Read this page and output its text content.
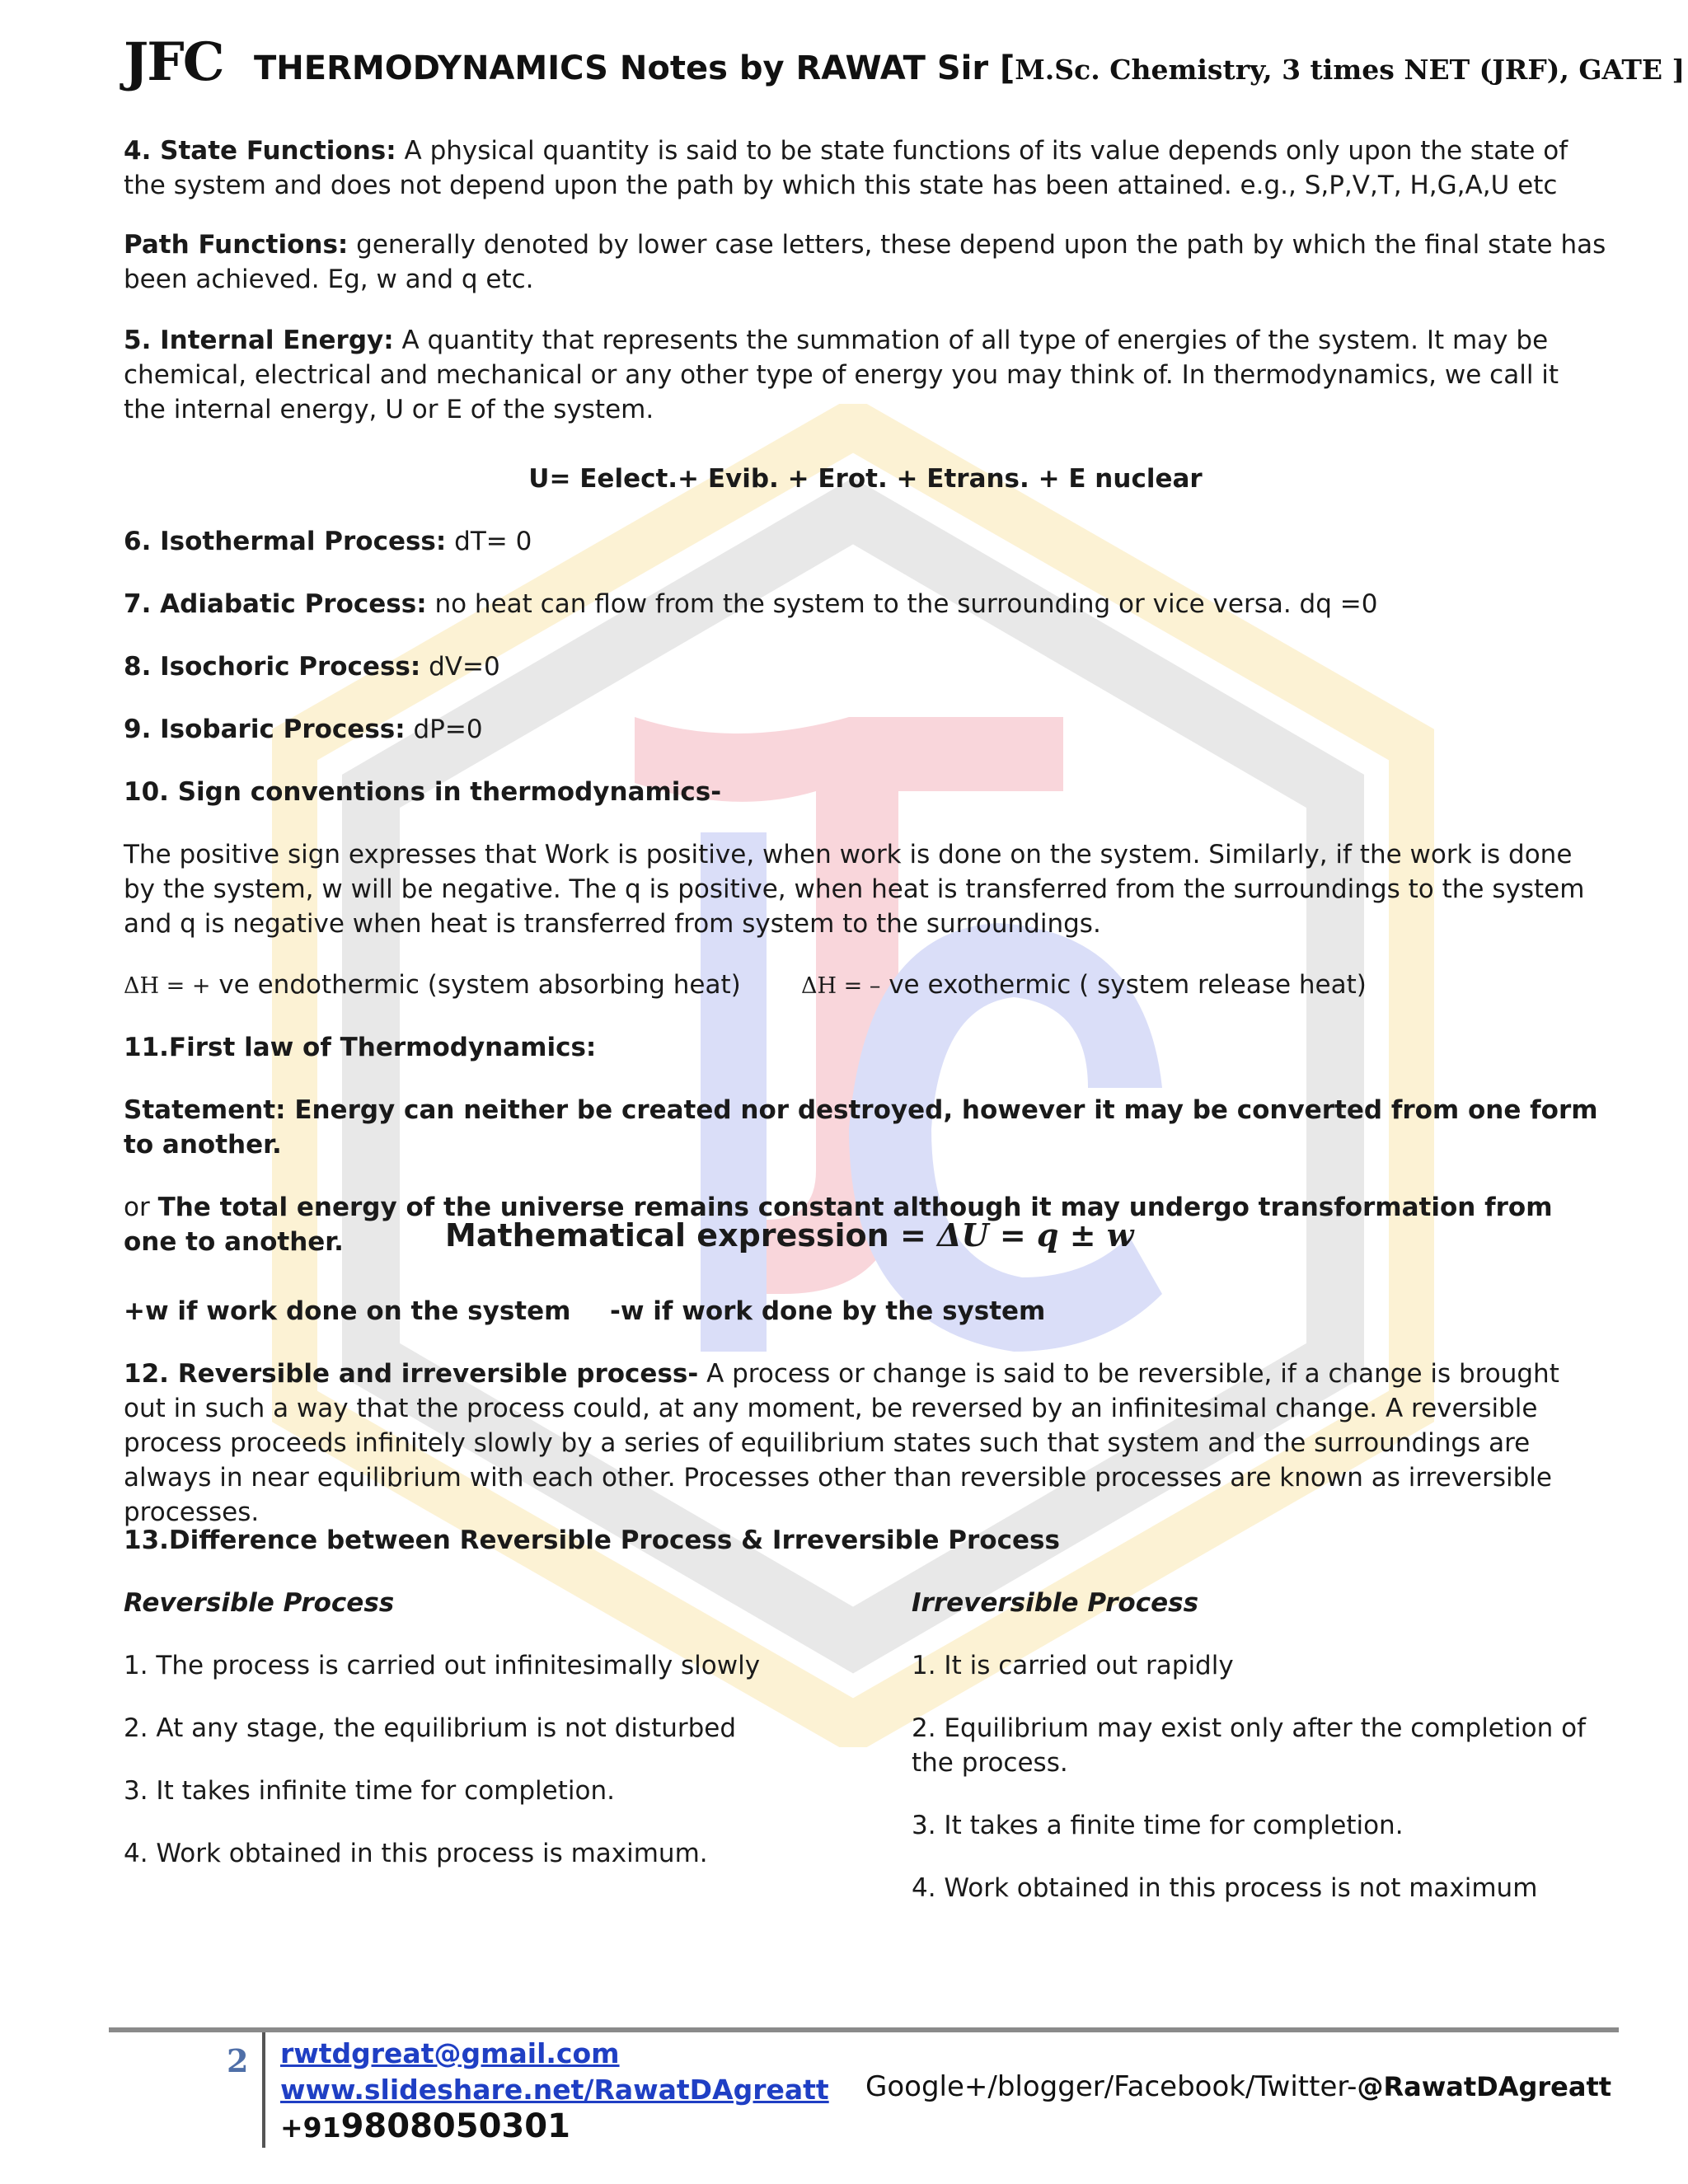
JFC THERMODYNAMICS Notes by RAWAT Sir [M.Sc. Chemistry, 3 times NET (JRF), GATE ]
4. State Functions: A physical quantity is said to be state functions of its value depends only upon the state of the system and does not depend upon the path by which this state has been attained. e.g., S,P,V,T, H,G,A,U etc
Path Functions: generally denoted by lower case letters, these depend upon the path by which the final state has been achieved. Eg, w and q etc.
5. Internal Energy: A quantity that represents the summation of all type of energies of the system. It may be chemical, electrical and mechanical or any other type of energy you may think of. In thermodynamics, we call it the internal energy, U or E of the system.
U= Eelect.+ Evib. + Erot. + Etrans. + E nuclear
6. Isothermal Process: dT= 0
7. Adiabatic Process: no heat can flow from the system to the surrounding or vice versa. dq =0
8. Isochoric Process: dV=0
9. Isobaric Process: dP=0
10. Sign conventions in thermodynamics-
The positive sign expresses that Work is positive, when work is done on the system. Similarly, if the work is done by the system, w will be negative. The q is positive, when heat is transferred from the surroundings to the system and q is negative when heat is transferred from system to the surroundings.
ΔH = + ve endothermic (system absorbing heat)	ΔH = – ve exothermic ( system release heat)
11.First law of Thermodynamics:
Statement: Energy can neither be created nor destroyed, however it may be converted from one form to another.
or The total energy of the universe remains constant although it may undergo transformation from one to another.	Mathematical expression = ΔU = q ± w
+w if work done on the system -w if work done by the system
12. Reversible and irreversible process- A process or change is said to be reversible, if a change is brought out in such a way that the process could, at any moment, be reversed by an infinitesimal change. A reversible process proceeds infinitely slowly by a series of equilibrium states such that system and the surroundings are always in near equilibrium with each other. Processes other than reversible processes are known as irreversible processes.
13.Difference between Reversible Process & Irreversible Process
Reversible Process
1. The process is carried out infinitesimally slowly
2. At any stage, the equilibrium is not disturbed
3. It takes infinite time for completion.
4. Work obtained in this process is maximum.
Irreversible Process
1. It is carried out rapidly
2. Equilibrium may exist only after the completion of the process.
3. It takes a finite time for completion.
4. Work obtained in this process is not maximum
2 rwtdgreat@gmail.com
www.slideshare.net/RawatDAgreatt
+919808050301
Google+/blogger/Facebook/Twitter-@RawatDAgreatt
